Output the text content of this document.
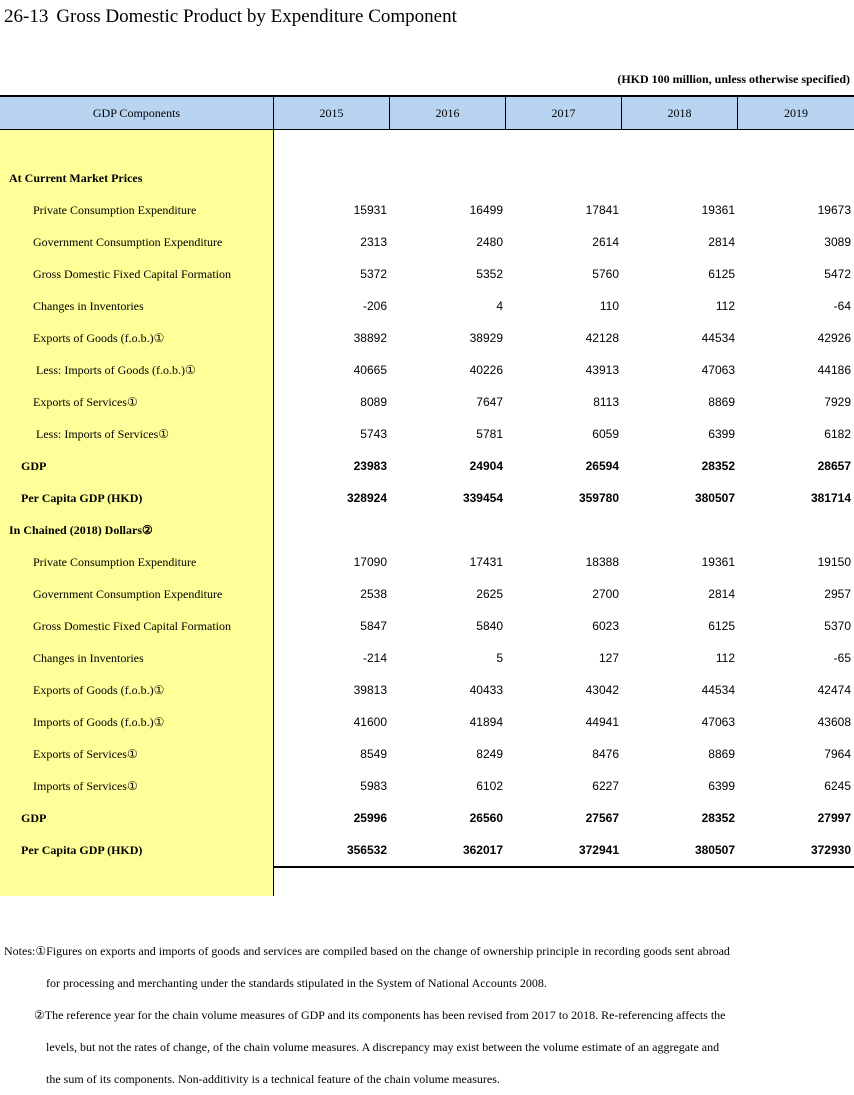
26-13 Gross Domestic Product by Expenditure Component
(HKD 100 million, unless otherwise specified)
GDP Components	2015	2016	2017	2018	2019
At Current Market Prices
Private Consumption Expenditure	15931	16499	17841	19361	19673
Government Consumption Expenditure	2313	2480	2614	2814	3089
Gross Domestic Fixed Capital Formation	5372	5352	5760	6125	5472
Changes in Inventories	-206	4	110	112	-64
Exports of Goods (f.o.b.)①	38892	38929	42128	44534	42926
Less: Imports of Goods (f.o.b.)①	40665	40226	43913	47063	44186
Exports of Services①	8089	7647	8113	8869	7929
Less: Imports of Services①	5743	5781	6059	6399	6182
GDP	23983	24904	26594	28352	28657
Per Capita GDP (HKD)	328924	339454	359780	380507	381714
In Chained (2018) Dollars②
Private Consumption Expenditure	17090	17431	18388	19361	19150
Government Consumption Expenditure	2538	2625	2700	2814	2957
Gross Domestic Fixed Capital Formation	5847	5840	6023	6125	5370
Changes in Inventories	-214	5	127	112	-65
Exports of Goods (f.o.b.)①	39813	40433	43042	44534	42474
Imports of Goods (f.o.b.)①	41600	41894	44941	47063	43608
Exports of Services①	8549	8249	8476	8869	7964
Imports of Services①	5983	6102	6227	6399	6245
GDP	25996	26560	27567	28352	27997
Per Capita GDP (HKD)	356532	362017	372941	380507	372930
Notes:①Figures on exports and imports of goods and services are compiled based on the change of ownership principle in recording goods sent abroad
for processing and merchanting under the standards stipulated in the System of National Accounts 2008.
②The reference year for the chain volume measures of GDP and its components has been revised from 2017 to 2018. Re-referencing affects the
levels, but not the rates of change, of the chain volume measures. A discrepancy may exist between the volume estimate of an aggregate and
the sum of its components. Non-additivity is a technical feature of the chain volume measures.
